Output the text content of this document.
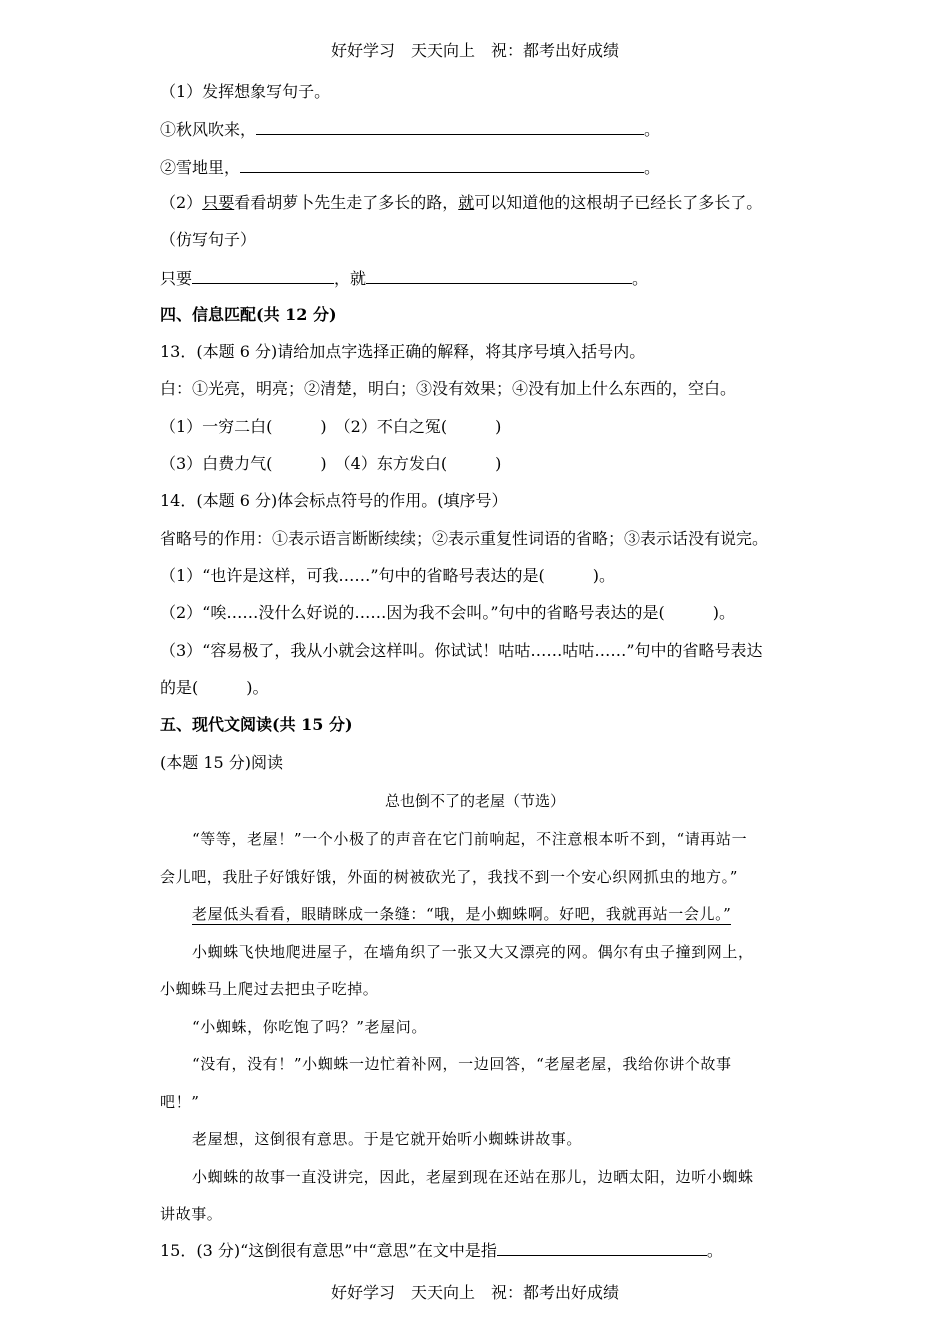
好好学习　天天向上　祝：都考出好成绩
（1）发挥想象写句子。
①秋风吹来，	。
②雪地里，	。
（2）只要看看胡萝卜先生走了多长的路，就可以知道他的这根胡子已经长了多长了。
（仿写句子）
只要	，就	。
四、信息匹配(共 12 分)
13．(本题 6 分)请给加点字选择正确的解释，将其序号填入括号内。
白：①光亮，明亮；②清楚，明白；③没有效果；④没有加上什么东西的，空白。
（1）一穷二白(　　　)　（2）不白之冤(　　　)
（3）白费力气(　　　)　（4）东方发白(　　　)
14．(本题 6 分)体会标点符号的作用。(填序号）
省略号的作用：①表示语言断断续续；②表示重复性词语的省略；③表示话没有说完。
（1）“也许是这样，可我……”句中的省略号表达的是(　　　)。
（2）“唉……没什么好说的……因为我不会叫。”句中的省略号表达的是(　　　)。
（3）“容易极了，我从小就会这样叫。你试试！咕咕……咕咕……”句中的省略号表达
的是(　　　)。
五、现代文阅读(共 15 分)
(本题 15 分)阅读
总也倒不了的老屋（节选）
“等等，老屋！”一个小极了的声音在它门前响起，不注意根本听不到，“请再站一
会儿吧，我肚子好饿好饿，外面的树被砍光了，我找不到一个安心织网抓虫的地方。”
老屋低头看看，眼睛眯成一条缝：“哦，是小蜘蛛啊。好吧，我就再站一会儿。”
小蜘蛛飞快地爬进屋子，在墙角织了一张又大又漂亮的网。偶尔有虫子撞到网上，
小蜘蛛马上爬过去把虫子吃掉。
“小蜘蛛，你吃饱了吗？”老屋问。
“没有，没有！”小蜘蛛一边忙着补网，一边回答，“老屋老屋，我给你讲个故事
吧！”
老屋想，这倒很有意思。于是它就开始听小蜘蛛讲故事。
小蜘蛛的故事一直没讲完，因此，老屋到现在还站在那儿，边晒太阳，边听小蜘蛛
讲故事。
15．(3 分)“这倒很有意思”中“意思”在文中是指	。
好好学习　天天向上　祝：都考出好成绩
